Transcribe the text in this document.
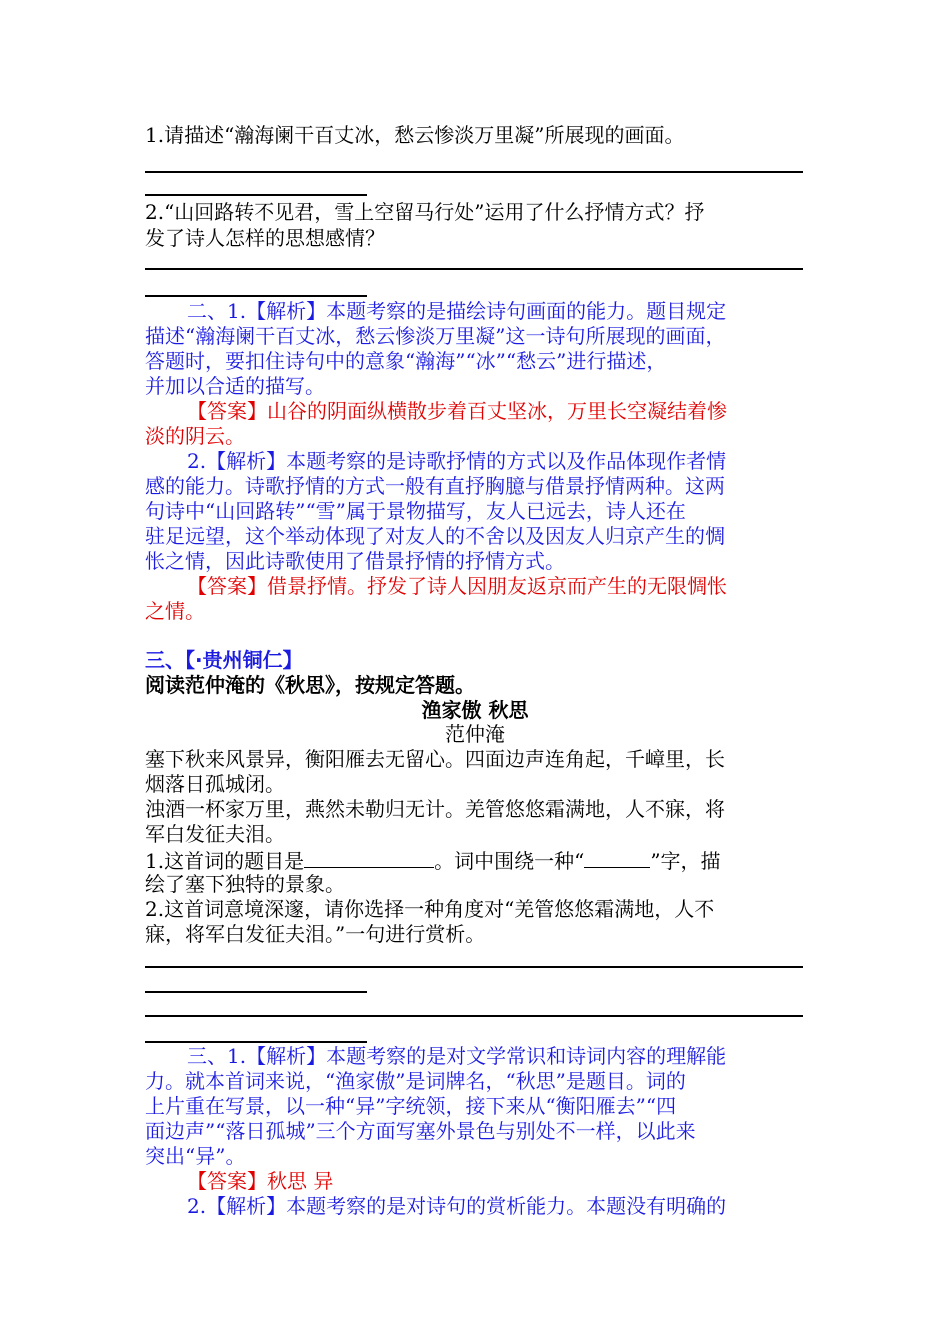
1.请描述“瀚海阑干百丈冰，愁云惨淡万里凝”所展现的画面。
2.“山回路转不见君，雪上空留马行处”运用了什么抒情方式？抒
发了诗人怎样的思想感情？
二、1.【解析】本题考察的是描绘诗句画面的能力。题目规定
描述“瀚海阑干百丈冰，愁云惨淡万里凝”这一诗句所展现的画面，
答题时，要扣住诗句中的意象“瀚海”“冰”“愁云”进行描述，
并加以合适的描写。
【答案】山谷的阴面纵横散步着百丈坚冰，万里长空凝结着惨
淡的阴云。
2.【解析】本题考察的是诗歌抒情的方式以及作品体现作者情
感的能力。诗歌抒情的方式一般有直抒胸臆与借景抒情两种。这两
句诗中“山回路转”“雪”属于景物描写，友人已远去，诗人还在
驻足远望，这个举动体现了对友人的不舍以及因友人归京产生的惆
怅之情，因此诗歌使用了借景抒情的抒情方式。
【答案】借景抒情。抒发了诗人因朋友返京而产生的无限惆怅
之情。
三、【·贵州铜仁】
阅读范仲淹的《秋思》，按规定答题。
渔家傲 秋思
范仲淹
塞下秋来风景异，衡阳雁去无留心。四面边声连角起，千嶂里，长
烟落日孤城闭。
浊酒一杯家万里，燕然未勒归无计。羌管悠悠霜满地，人不寐，将
军白发征夫泪。
1.这首词的题目是	。词中围绕一种“	”字，描
绘了塞下独特的景象。
2.这首词意境深邃，请你选择一种角度对“羌管悠悠霜满地，人不
寐，将军白发征夫泪。”一句进行赏析。
三、1.【解析】本题考察的是对文学常识和诗词内容的理解能
力。就本首词来说，“渔家傲”是词牌名，“秋思”是题目。词的
上片重在写景，以一种“异”字统领，接下来从“衡阳雁去”“四
面边声”“落日孤城”三个方面写塞外景色与别处不一样，以此来
突出“异”。
【答案】秋思 异
2.【解析】本题考察的是对诗句的赏析能力。本题没有明确的
